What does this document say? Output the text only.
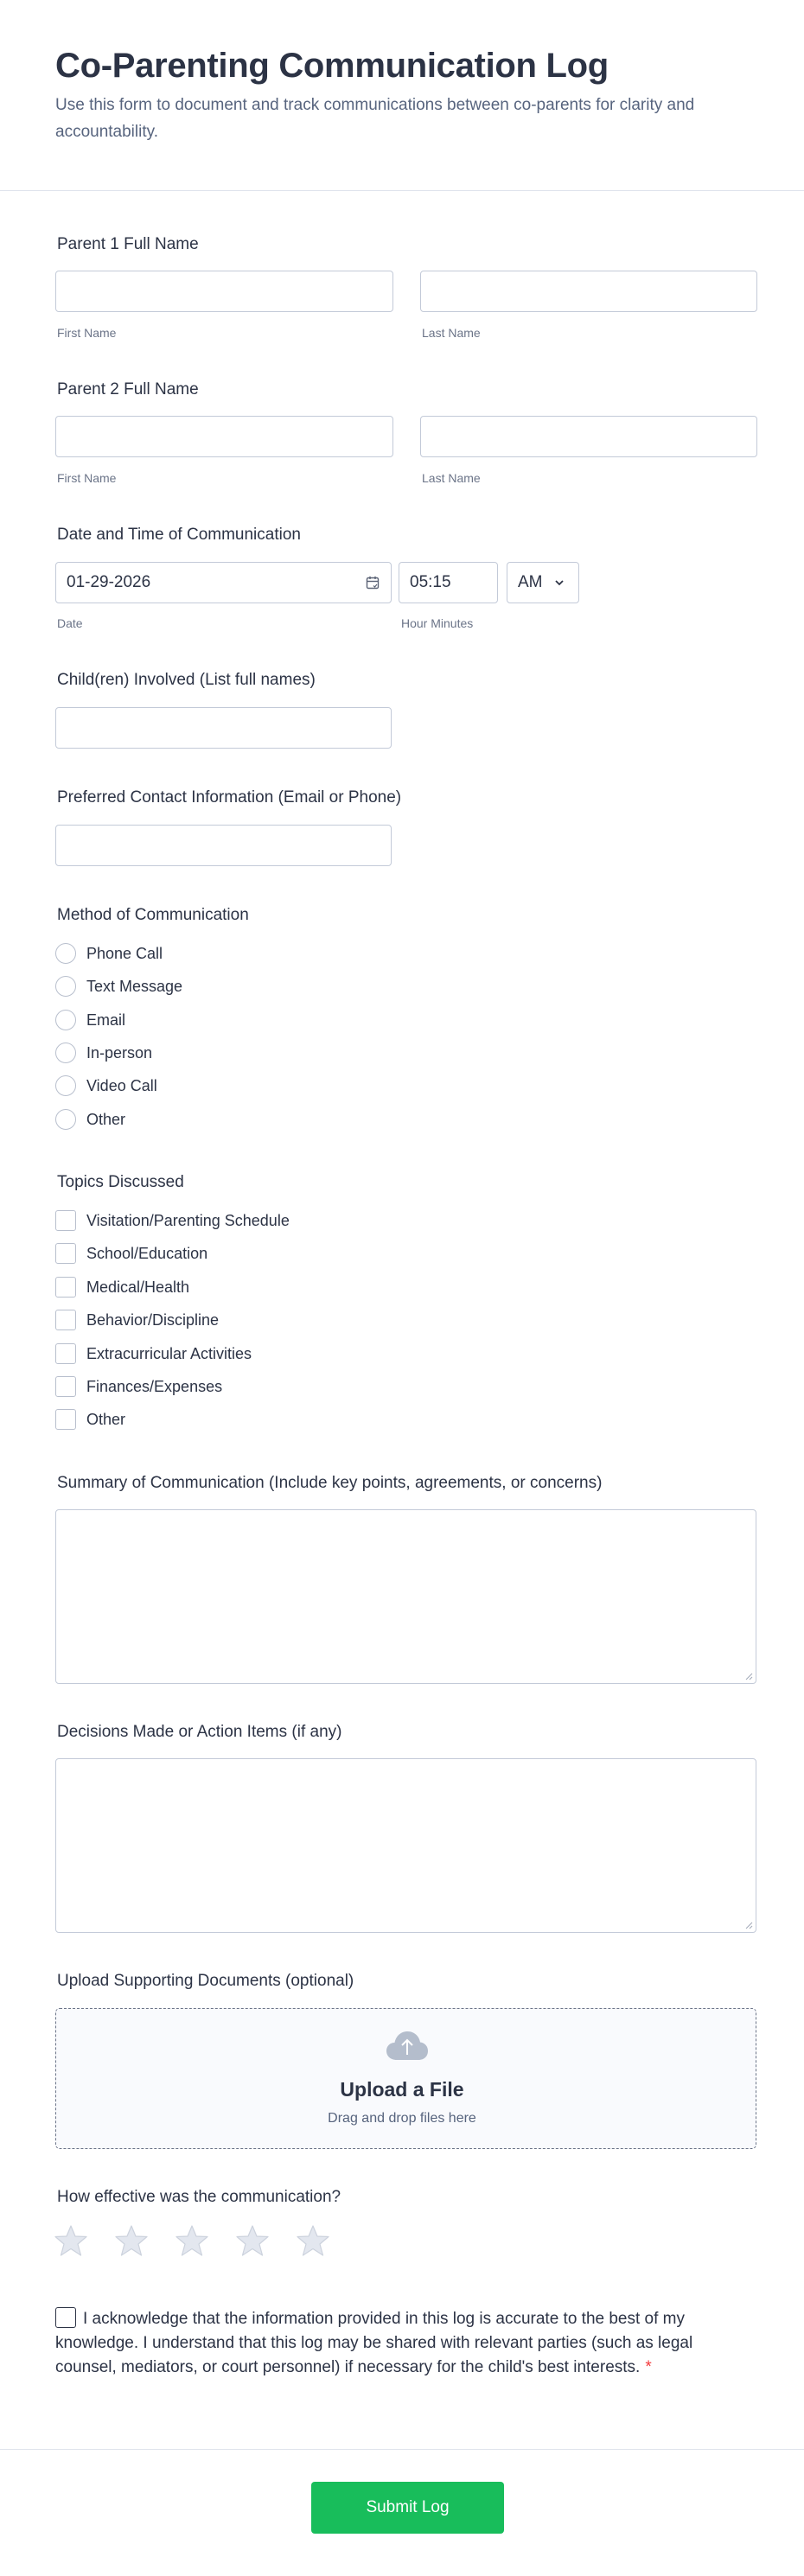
Co-Parenting Communication Log

Use this form to document and track communications between co-parents for clarity and accountability.

Parent 1 Full Name
First Name	Last Name
Parent 2 Full Name
First Name	Last Name
Date and Time of Communication
01-29-2026	05:15	AM
Date	Hour Minutes
Child(ren) Involved (List full names)
Preferred Contact Information (Email or Phone)
Method of Communication
Phone Call
Text Message
Email
In-person
Video Call
Other
Topics Discussed
Visitation/Parenting Schedule
School/Education
Medical/Health
Behavior/Discipline
Extracurricular Activities
Finances/Expenses
Other
Summary of Communication (Include key points, agreements, or concerns)
Decisions Made or Action Items (if any)
Upload Supporting Documents (optional)
Upload a File
Drag and drop files here
How effective was the communication?
I acknowledge that the information provided in this log is accurate to the best of my knowledge. I understand that this log may be shared with relevant parties (such as legal counsel, mediators, or court personnel) if necessary for the child's best interests. *
Submit Log
